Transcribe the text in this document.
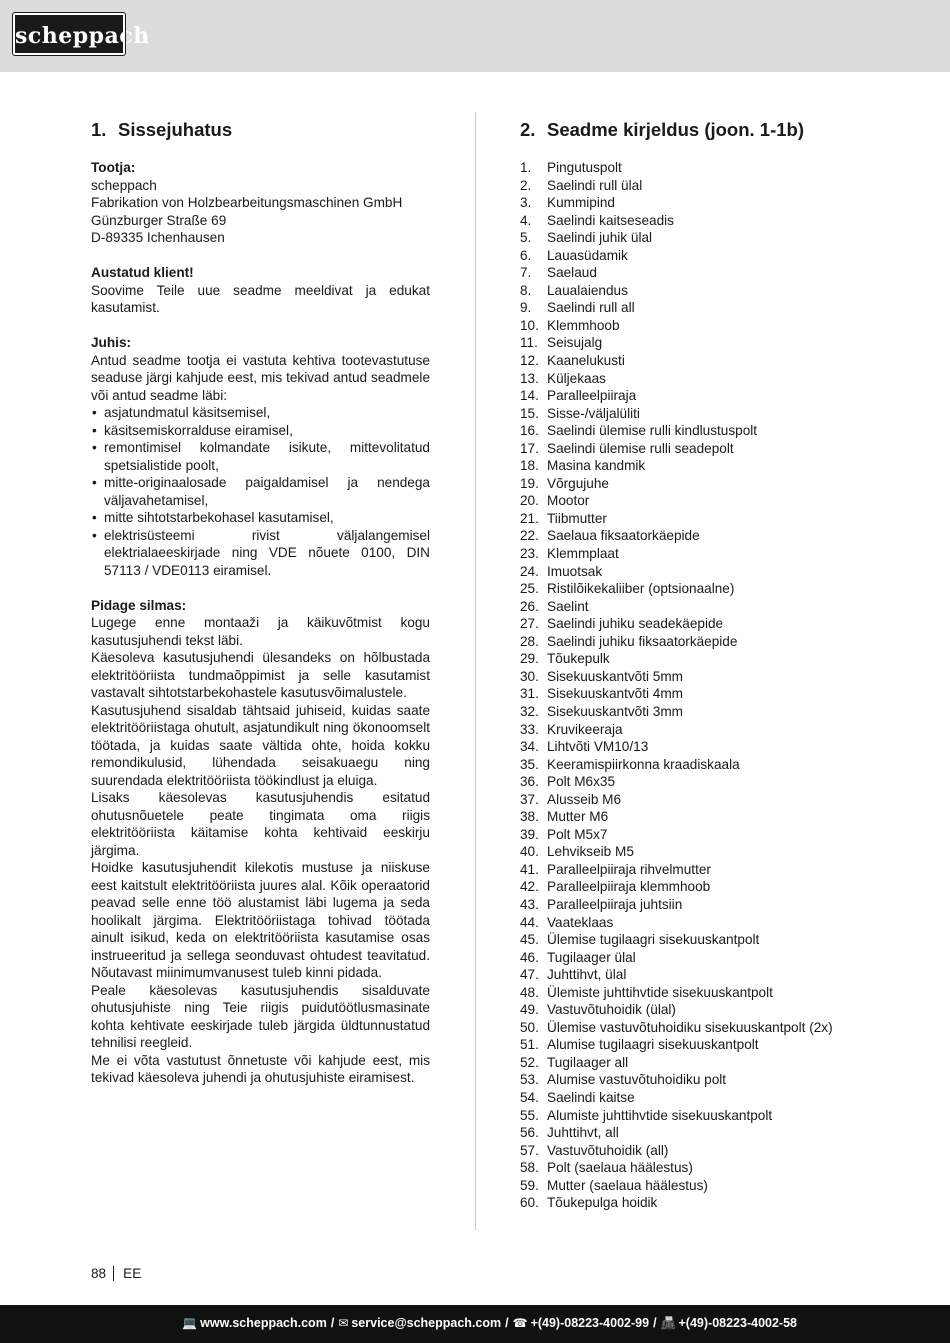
scheppach
1. Sissejuhatus

Tootja:

scheppach

Fabrikation von Holzbearbeitungsmaschinen GmbH

Günzburger Straße 69

D-89335 Ichenhausen

Austatud klient!

Soovime Teile uue seadme meeldivat ja edukat kasutamist.

Juhis:

Antud seadme tootja ei vastuta kehtiva tootevastutuse seaduse järgi kahjude eest, mis tekivad antud seadmele või antud seadme läbi:

• asjatundmatul käsitsemisel,
• käsitsemiskorralduse eiramisel,
• remontimisel kolmandate isikute, mittevolitatud spetsialistide poolt,
• mitte-originaalosade paigaldamisel ja nendega väljavahetamisel,
• mitte sihtotstarbekohasel kasutamisel,
• elektrisüsteemi rivist väljalangemisel elektrialaeeskirjade ning VDE nõuete 0100, DIN 57113 / VDE0113 eiramisel.

Pidage silmas:

Lugege enne montaaži ja käikuvõtmist kogu kasutusjuhendi tekst läbi.

Käesoleva kasutusjuhendi ülesandeks on hõlbustada elektritööriista tundmaõppimist ja selle kasutamist vastavalt sihtotstarbekohastele kasutusvõimalustele.

Kasutusjuhend sisaldab tähtsaid juhiseid, kuidas saate elektritööriistaga ohutult, asjatundikult ning ökonoomselt töötada, ja kuidas saate vältida ohte, hoida kokku remondikulusid, lühendada seisakuaegu ning suurendada elektritööriista töökindlust ja eluiga.

Lisaks käesolevas kasutusjuhendis esitatud ohutusnõuetele peate tingimata oma riigis elektritööriista käitamise kohta kehtivaid eeskirju järgima.

Hoidke kasutusjuhendit kilekotis mustuse ja niiskuse eest kaitstult elektritööriista juures alal. Kõik operaatorid peavad selle enne töö alustamist läbi lugema ja seda hoolikalt järgima. Elektritööriistaga tohivad töötada ainult isikud, keda on elektritööriista kasutamise osas instrueeritud ja sellega seonduvast ohtudest teavitatud. Nõutavast miinimumvanusest tuleb kinni pidada.

Peale käesolevas kasutusjuhendis sisalduvate ohutusjuhiste ning Teie riigis puidutöötlusmasinate kohta kehtivate eeskirjade tuleb järgida üldtunnustatud tehnilisi reegleid.

Me ei võta vastutust õnnetuste või kahjude eest, mis tekivad käesoleva juhendi ja ohutusjuhiste eiramisest.

2. Seadme kirjeldus (joon. 1-1b)
1.	Pingutuspolt
2.	Saelindi rull ülal
3.	Kummipind
4.	Saelindi kaitseseadis
5.	Saelindi juhik ülal
6.	Lauasüdamik
7.	Saelaud
8.	Laualaiendus
9.	Saelindi rull all
10. Klemmhoob
11. Seisujalg
12. Kaanelukusti
13. Küljekaas
14. Paralleelpiiraja
15. Sisse-/väljalüliti
16. Saelindi ülemise rulli kindlustuspolt
17. Saelindi ülemise rulli seadepolt
18. Masina kandmik
19. Võrgujuhe
20. Mootor
21. Tiibmutter
22. Saelaua fiksaatorkäepide
23. Klemmplaat
24. Imuotsak
25. Ristilõikekaliiber (optsionaalne)
26. Saelint
27. Saelindi juhiku seadekäepide
28. Saelindi juhiku fiksaatorkäepide
29. Tõukepulk
30. Sisekuuskantvõti 5mm
31. Sisekuuskantvõti 4mm
32. Sisekuuskantvõti 3mm
33. Kruvikeeraja
34. Lihtvõti VM10/13
35. Keeramispiirkonna kraadiskaala
36. Polt M6x35
37. Alusseib M6
38. Mutter M6
39. Polt M5x7
40. Lehvikseib M5
41. Paralleelpiiraja rihvelmutter
42. Paralleelpiiraja klemmhoob
43. Paralleelpiiraja juhtsiin
44. Vaateklaas
45. Ülemise tugilaagri sisekuuskantpolt
46. Tugilaager ülal
47. Juhttihvt, ülal
48. Ülemiste juhttihvtide sisekuuskantpolt
49. Vastuvõtuhoidik (ülal)
50. Ülemise vastuvõtuhoidiku sisekuuskantpolt (2x)
51. Alumise tugilaagri sisekuuskantpolt
52. Tugilaager all
53. Alumise vastuvõtuhoidiku polt
54. Saelindi kaitse
55. Alumiste juhttihvtide sisekuuskantpolt
56. Juhttihvt, all
57. Vastuvõtuhoidik (all)
58. Polt (saelaua häälestus)
59. Mutter (saelaua häälestus)
60. Tõukepulga hoidik
88 EE
💻 www.scheppach.com / ✉ service@scheppach.com / ☎ +(49)-08223-4002-99 / 📠 +(49)-08223-4002-58
